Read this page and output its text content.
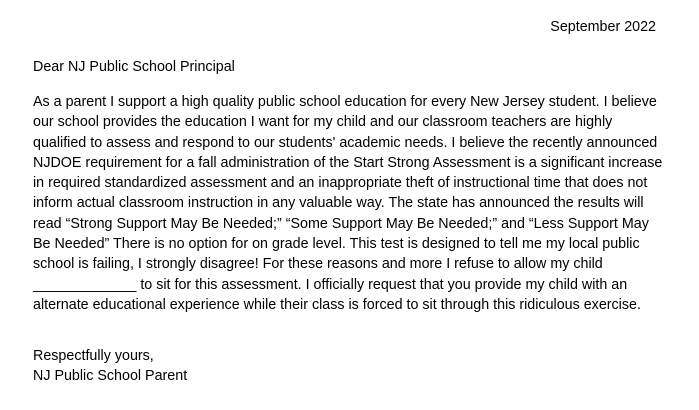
September 2022
Dear NJ Public School Principal

As a parent I support a high quality public school education for every New Jersey student. I believe our school provides the education I want for my child and our classroom teachers are highly qualified to assess and respond to our students' academic needs. I believe the recently announced NJDOE requirement for a fall administration of the Start Strong Assessment is a significant increase in required standardized assessment and an inappropriate theft of instructional time that does not inform actual classroom instruction in any valuable way. The state has announced the results will read “Strong Support May Be Needed;” “Some Support May Be Needed;” and “Less Support May Be Needed” There is no option for on grade level. This test is designed to tell me my local public school is failing, I strongly disagree! For these reasons and more I refuse to allow my child _____________ to sit for this assessment. I officially request that you provide my child with an alternate educational experience while their class is forced to sit through this ridiculous exercise.

Respectfully yours,
NJ Public School Parent
